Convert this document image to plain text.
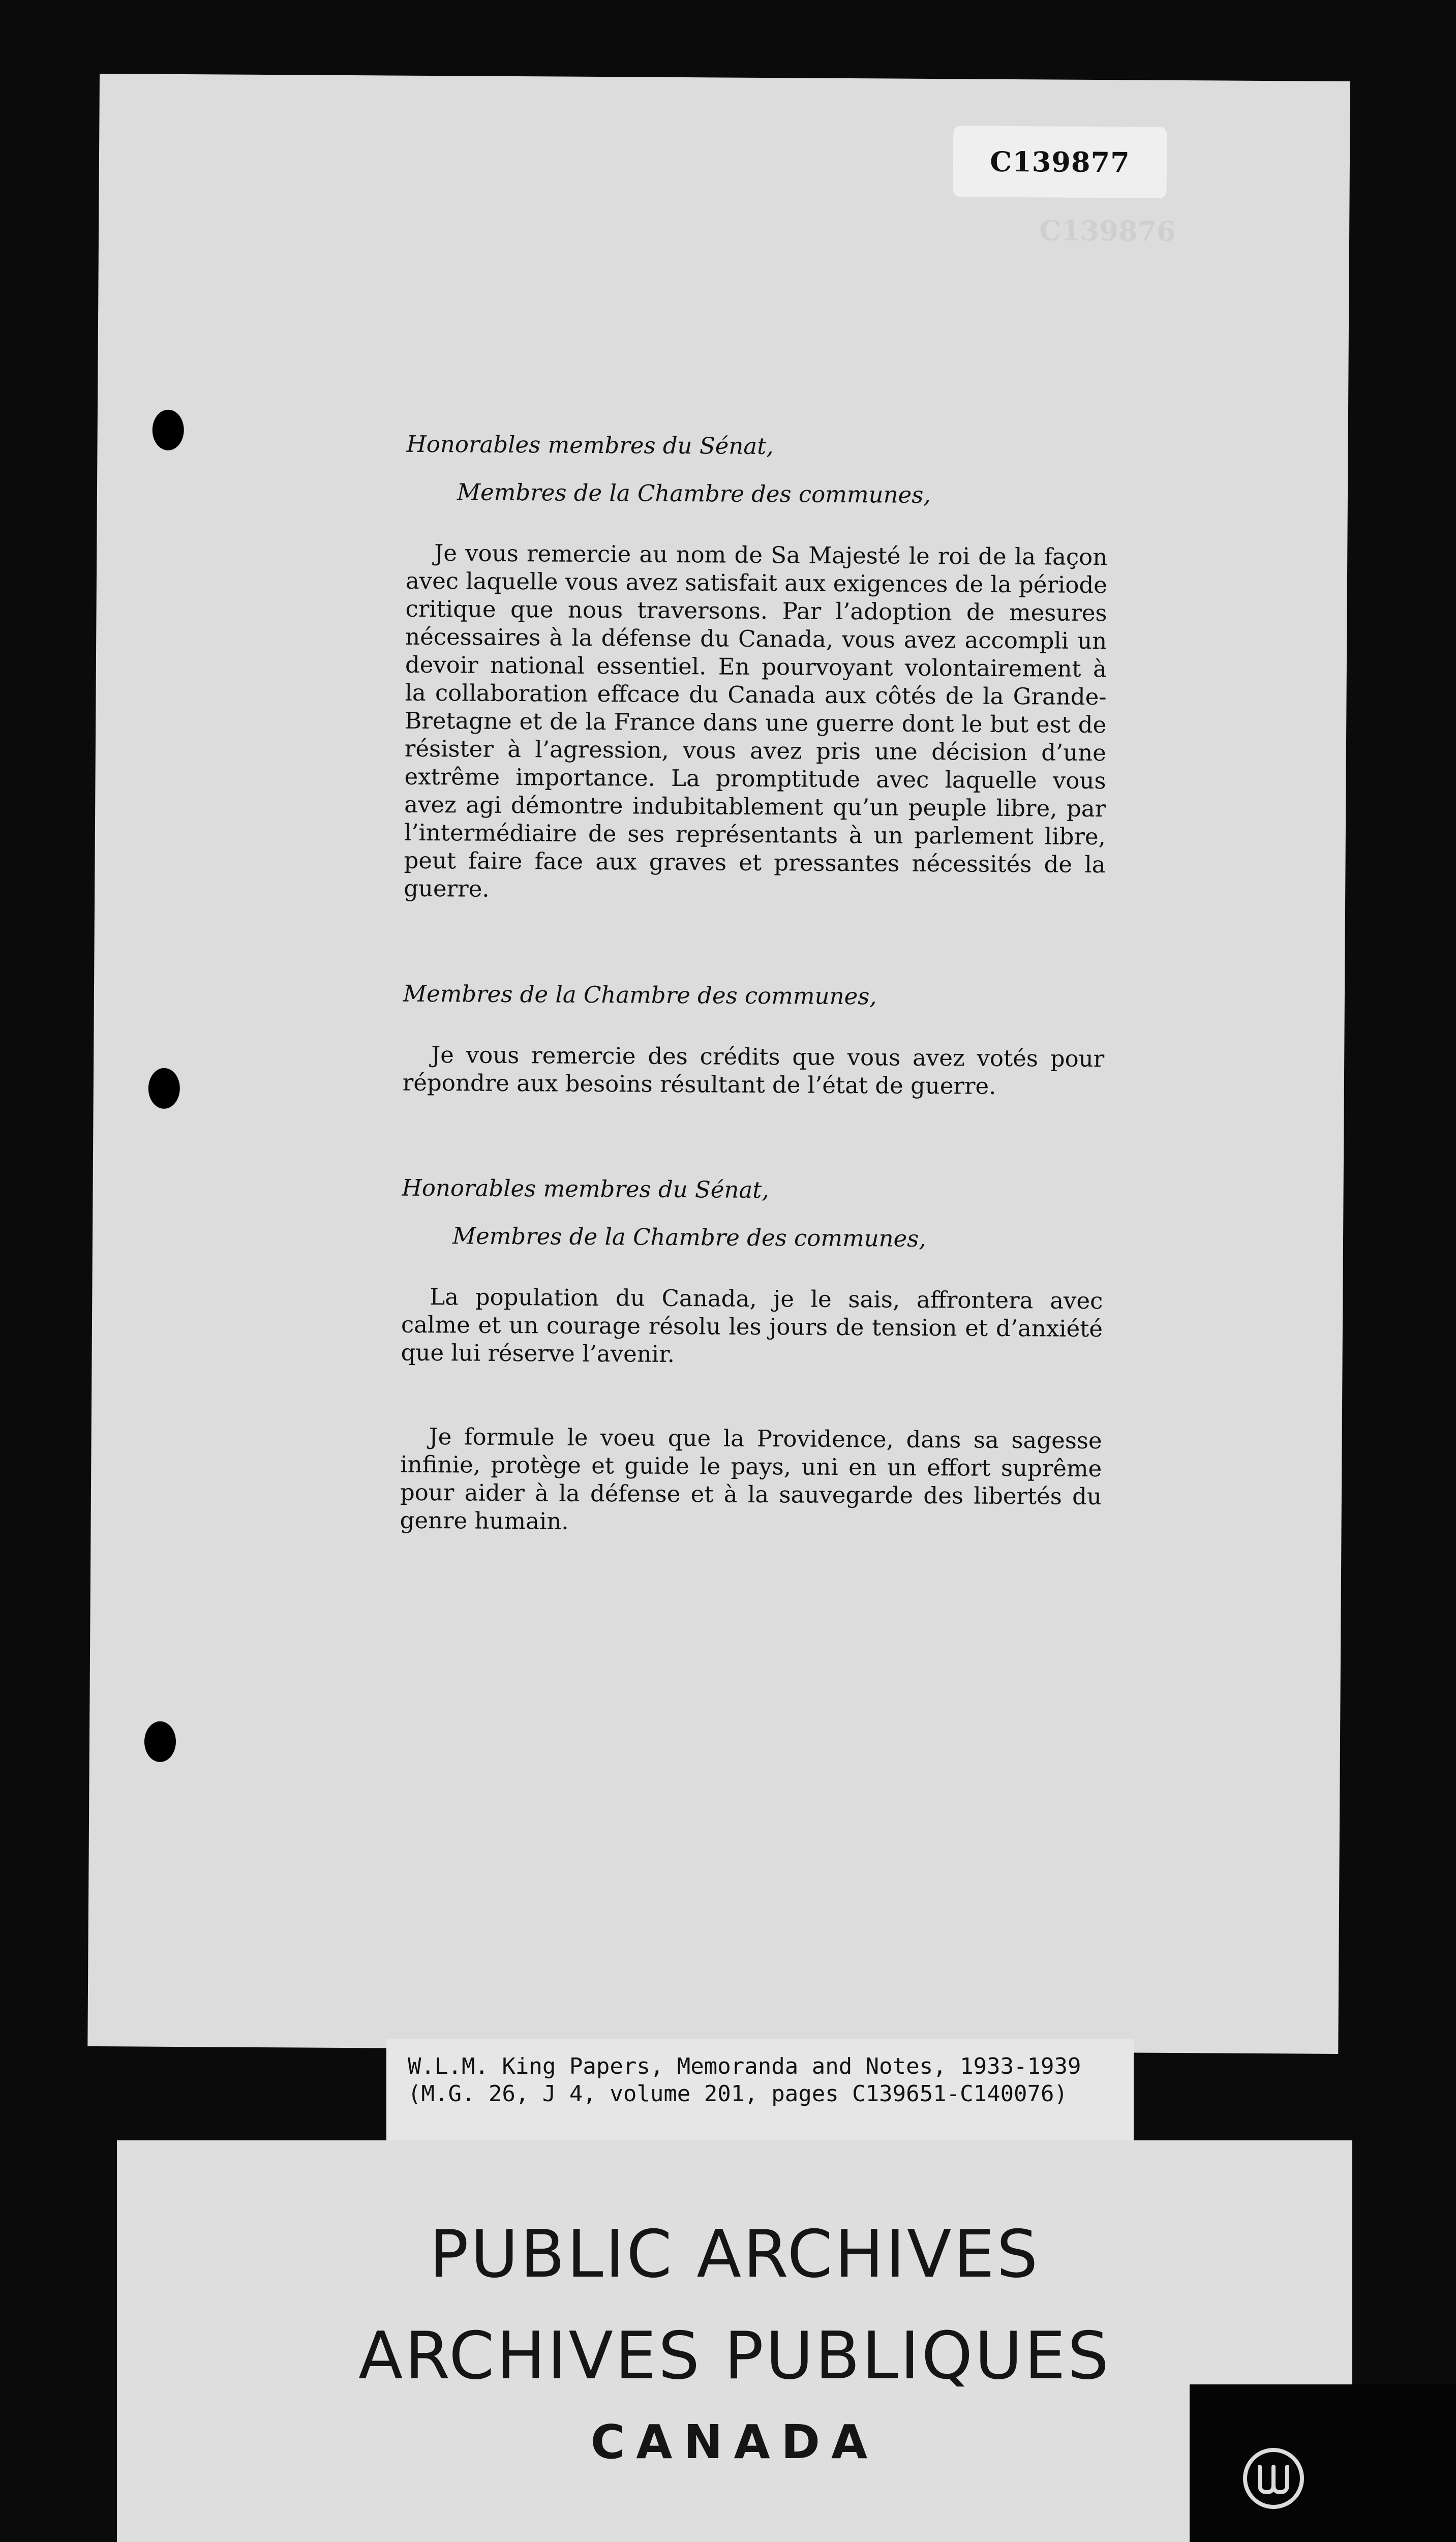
C139877
C139876

Honorables membres du Sénat,

Membres de la Chambre des communes,

Je vous remercie au nom de Sa Majesté le roi de la façon avec laquelle vous avez satisfait aux exigences de la période critique que nous traversons. Par l’adoption de mesures nécessaires à la défense du Canada, vous avez accompli un devoir national essentiel. En pourvoyant volontairement à la collaboration effcace du Canada aux côtés de la Grande-Bretagne et de la France dans une guerre dont le but est de résister à l’agression, vous avez pris une décision d’une extrême importance. La promptitude avec laquelle vous avez agi démontre indubitablement qu’un peuple libre, par l’intermédiaire de ses représentants à un parlement libre, peut faire face aux graves et pressantes nécessités de la guerre.

Membres de la Chambre des communes,

Je vous remercie des crédits que vous avez votés pour répondre aux besoins résultant de l’état de guerre.

Honorables membres du Sénat,

Membres de la Chambre des communes,

La population du Canada, je le sais, affrontera avec calme et un courage résolu les jours de tension et d’anxiété que lui réserve l’avenir.

Je formule le voeu que la Providence, dans sa sagesse infinie, protège et guide le pays, uni en un effort suprême pour aider à la défense et à la sauvegarde des libertés du genre humain.

W.L.M. King Papers, Memoranda and Notes, 1933-1939
(M.G. 26, J 4, volume 201, pages C139651-C140076)
PUBLIC ARCHIVES
ARCHIVES PUBLIQUES
CANADA
